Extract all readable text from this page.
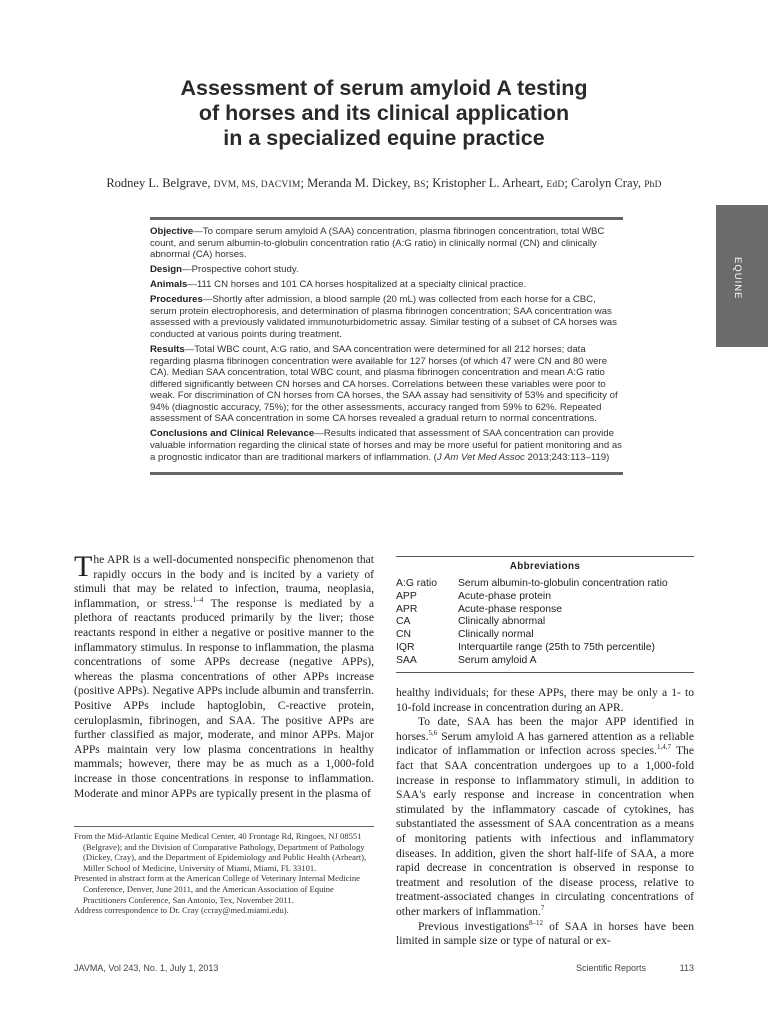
Assessment of serum amyloid A testing
of horses and its clinical application
in a specialized equine practice
Rodney L. Belgrave, DVM, MS, DACVIM; Meranda M. Dickey, BS; Kristopher L. Arheart, EdD; Carolyn Cray, PhD
EQUINE

Objective—To compare serum amyloid A (SAA) concentration, plasma fibrinogen concentration, total WBC count, and serum albumin-to-globulin concentration ratio (A:G ratio) in clinically normal (CN) and clinically abnormal (CA) horses.

Design—Prospective cohort study.

Animals—111 CN horses and 101 CA horses hospitalized at a specialty clinical practice.

Procedures—Shortly after admission, a blood sample (20 mL) was collected from each horse for a CBC, serum protein electrophoresis, and determination of plasma fibrinogen concentration; SAA concentration was assessed with a previously validated immunoturbidometric assay. Similar testing of a subset of CA horses was conducted at various points during treatment.

Results—Total WBC count, A:G ratio, and SAA concentration were determined for all 212 horses; data regarding plasma fibrinogen concentration were available for 127 horses (of which 47 were CN and 80 were CA). Median SAA concentration, total WBC count, and plasma fibrinogen concentration and mean A:G ratio differed significantly between CN horses and CA horses. Correlations between these variables were poor to weak. For discrimination of CN horses from CA horses, the SAA assay had sensitivity of 53% and specificity of 94% (diagnostic accuracy, 75%); for the other assessments, accuracy ranged from 59% to 62%. Repeated assessment of SAA concentration in some CA horses revealed a gradual return to normal concentrations.

Conclusions and Clinical Relevance—Results indicated that assessment of SAA concentration can provide valuable information regarding the clinical state of horses and may be more useful for patient monitoring and as a prognostic indicator than are traditional markers of inflammation. (J Am Vet Med Assoc 2013;243:113–119)

The APR is a well-documented nonspecific phenomenon that rapidly occurs in the body and is incited by a variety of stimuli that may be related to infection, trauma, neoplasia, inflammation, or stress.$^{1-4}$ The response is mediated by a plethora of reactants produced primarily by the liver; those reactants respond in either a negative or positive manner to the inflammatory stimulus. In response to inflammation, the plasma concentrations of some APPs decrease (negative APPs), whereas the plasma concentrations of other APPs increase (positive APPs). Negative APPs include albumin and transferrin. Positive APPs include haptoglobin, C-reactive protein, ceruloplasmin, fibrinogen, and SAA. The positive APPs are further classified as major, moderate, and minor APPs. Major APPs maintain very low plasma concentrations in healthy mammals; however, there may be as much as a 1,000-fold increase in those concentrations in response to inflammation. Moderate and minor APPs are typically present in the plasma of

From the Mid-Atlantic Equine Medical Center, 40 Frontage Rd, Ringoes, NJ 08551 (Belgrave); and the Division of Comparative Pathology, Department of Pathology (Dickey, Cray), and the Department of Epidemiology and Public Health (Arheart), Miller School of Medicine, University of Miami, Miami, FL 33101.

Presented in abstract form at the American College of Veterinary Internal Medicine Conference, Denver, June 2011, and the American Association of Equine Practitioners Conference, San Antonio, Tex, November 2011.

Address correspondence to Dr. Cray (ccray@med.miami.edu).

Abbreviations
A:G ratio	Serum albumin-to-globulin concentration ratio
APP	Acute-phase protein
APR	Acute-phase response
CA	Clinically abnormal
CN	Clinically normal
IQR	Interquartile range (25th to 75th percentile)
SAA	Serum amyloid A

healthy individuals; for these APPs, there may be only a 1- to 10-fold increase in concentration during an APR.

To date, SAA has been the major APP identified in horses.$^{5,6}$ Serum amyloid A has garnered attention as a reliable indicator of inflammation or infection across species.$^{1,4,7}$ The fact that SAA concentration undergoes up to a 1,000-fold increase in response to inflammatory stimuli, in addition to SAA's early response and increase in concentration when stimulated by the inflammatory cascade of cytokines, has substantiated the assessment of SAA concentration as a means of monitoring patients with infectious and inflammatory diseases. In addition, given the short half-life of SAA, a more rapid decrease in concentration is observed in response to treatment and resolution of the disease process, relative to treatment-associated changes in circulating concentrations of other markers of inflammation.$^7$

Previous investigations$^{8-12}$ of SAA in horses have been limited in sample size or type of natural or ex-

JAVMA, Vol 243, No. 1, July 1, 2013	Scientific Reports	113
